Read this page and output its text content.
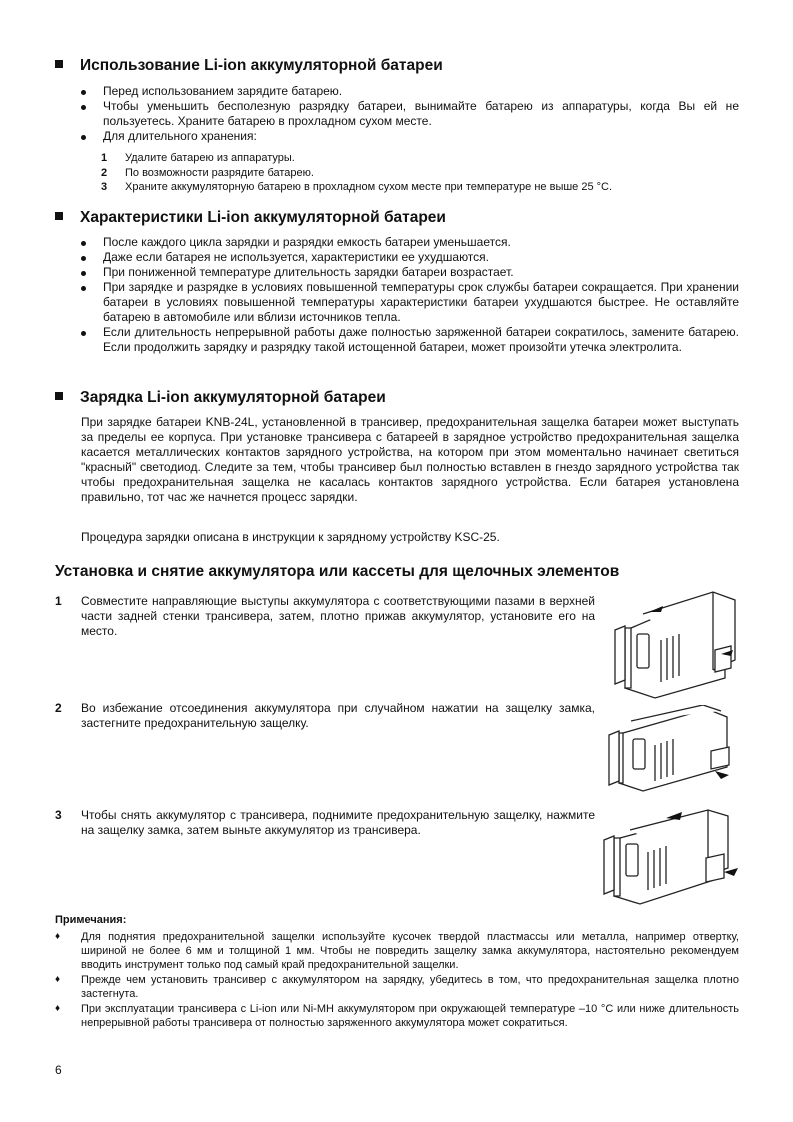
Использование Li-ion аккумуляторной батареи
Перед использованием зарядите батарею.
Чтобы уменьшить бесполезную разрядку батареи, вынимайте батарею из аппаратуры, когда Вы ей не пользуетесь. Храните батарею в прохладном сухом месте.
Для длительного хранения:
1 Удалите батарею из аппаратуры.
2 По возможности разрядите батарею.
3 Храните аккумуляторную батарею в прохладном сухом месте при температуре не выше 25 °C.
Характеристики Li-ion аккумуляторной батареи
После каждого цикла зарядки и разрядки емкость батареи уменьшается.
Даже если батарея не используется, характеристики ее ухудшаются.
При пониженной температуре длительность зарядки батареи возрастает.
При зарядке и разрядке в условиях повышенной температуры срок службы батареи сокращается. При хранении батареи в условиях повышенной температуры характеристики батареи ухудшаются быстрее. Не оставляйте батарею в автомобиле или вблизи источников тепла.
Если длительность непрерывной работы даже полностью заряженной батареи сократилось, замените батарею. Если продолжить зарядку и разрядку такой истощенной батареи, может произойти утечка электролита.
Зарядка Li-ion аккумуляторной батареи

При зарядке батареи KNB-24L, установленной в трансивер, предохранительная защелка батареи может выступать за пределы ее корпуса. При установке трансивера с батареей в зарядное устройство предохранительная защелка касается металлических контактов зарядного устройства, на котором при этом моментально начинает светиться "красный" светодиод. Следите за тем, чтобы трансивер был полностью вставлен в гнездо зарядного устройства так чтобы предохранительная защелка не касалась контактов зарядного устройства. Если батарея установлена правильно, тот час же начнется процесс зарядки.

Процедура зарядки описана в инструкции к зарядному устройству KSC-25.

Установка и снятие аккумулятора или кассеты для щелочных элементов
1 Совместите направляющие выступы аккумулятора с соответствующими пазами в верхней части задней стенки трансивера, затем, плотно прижав аккумулятор, установите его на место.
2 Во избежание отсоединения аккумулятора при случайном нажатии на защелку замка, застегните предохранительную защелку.
3 Чтобы снять аккумулятор с трансивера, поднимите предохранительную защелку, нажмите на защелку замка, затем выньте аккумулятор из трансивера.
Примечания:
♦ Для поднятия предохранительной защелки используйте кусочек твердой пластмассы или металла, например отвертку, шириной не более 6 мм и толщиной 1 мм. Чтобы не повредить защелку замка аккумулятора, настоятельно рекомендуем вводить инструмент только под самый край предохранительной защелки.
♦ Прежде чем установить трансивер с аккумулятором на зарядку, убедитесь в том, что предохранительная защелка плотно застегнута.
♦ При эксплуатации трансивера с Li-ion или Ni-MH аккумулятором при окружающей температуре –10 °C или ниже длительность непрерывной работы трансивера от полностью заряженного аккумулятора может сократиться.
6
